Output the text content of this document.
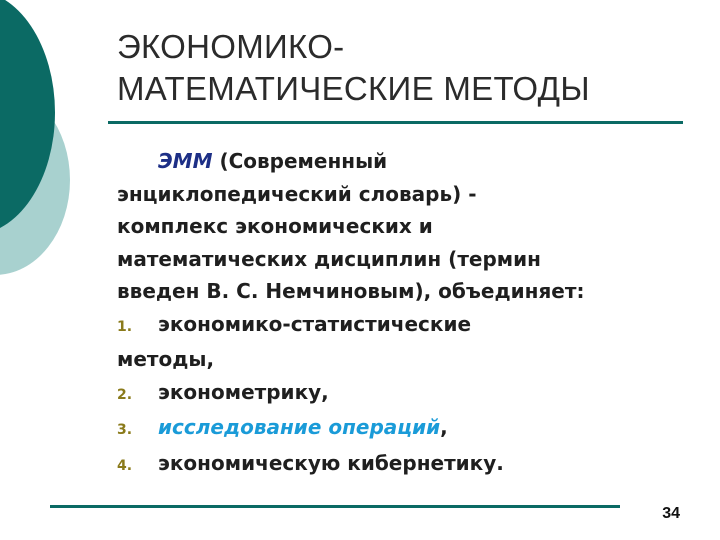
ЭКОНОМИКО-
МАТЕМАТИЧЕСКИЕ МЕТОДЫ
ЭММ (Современный
энциклопедический словарь) -
комплекс экономических и
математических дисциплин (термин
введен В. С. Немчиновым), объединяет:
1. экономико-статистические
методы,
2. эконометрику,
3. исследование операций,
4. экономическую кибернетику.
34
